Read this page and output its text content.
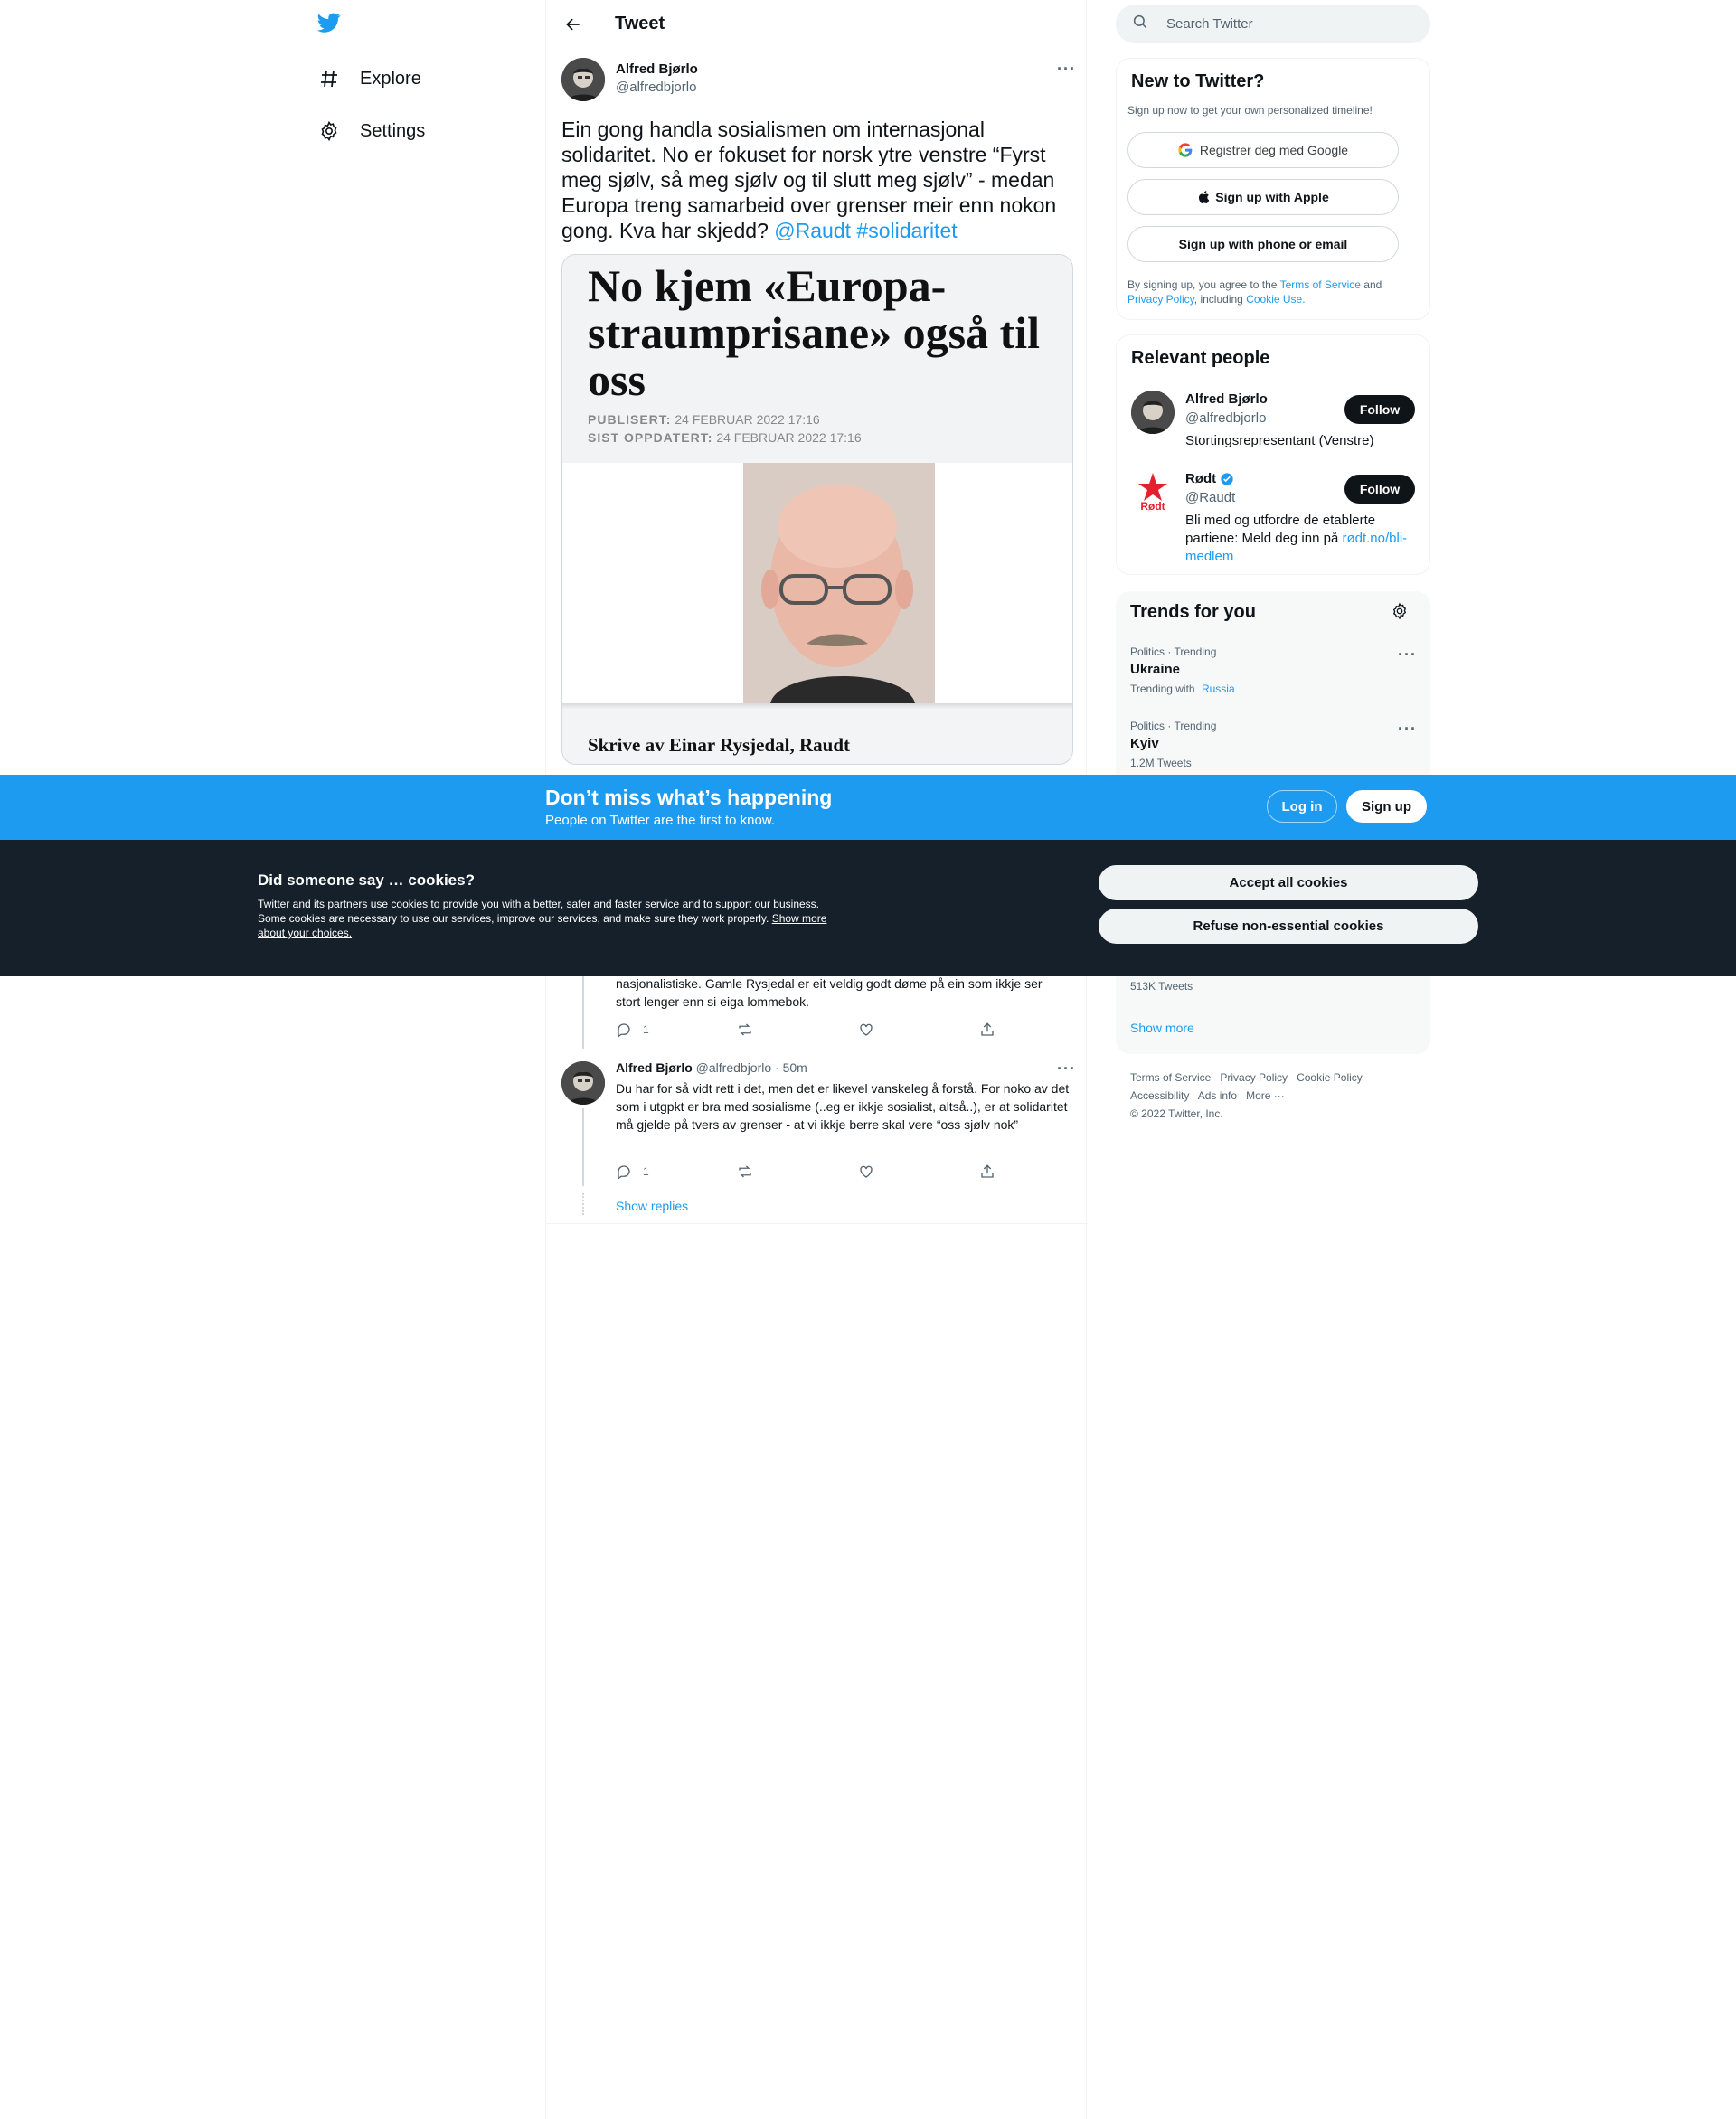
Explore
Settings
Tweet
Alfred Bjørlo
@alfredbjorlo
···
Ein gong handla sosialismen om internasjonal solidaritet. No er fokuset for norsk ytre venstre “Fyrst meg sjølv, så meg sjølv og til slutt meg sjølv” - medan Europa treng samarbeid over grenser meir enn nokon gong. Kva har skjedd? @Raudt #solidaritet
No kjem «Europa-straumprisane» også til oss
PUBLISERT: 24 FEBRUAR 2022 17:16
SIST OPPDATERT: 24 FEBRUAR 2022 17:16
Skrive av Einar Rysjedal, Raudt
nasjonalistiske. Gamle Rysjedal er eit veldig godt døme på ein som ikkje ser
stort lenger enn si eiga lommebok.
1
Alfred Bjørlo @alfredbjorlo · 50m	···
Du har for så vidt rett i det, men det er likevel vanskeleg å forstå. For noko av det som i utgpkt er bra med sosialisme (..eg er ikkje sosialist, altså..), er at solidaritet må gjelde på tvers av grenser - at vi ikkje berre skal vere “oss sjølv nok”
1
Show replies
Search Twitter
New to Twitter?
Sign up now to get your own personalized timeline!
Registrer deg med Google
Sign up with Apple
Sign up with phone or email
By signing up, you agree to the Terms of Service and Privacy Policy, including Cookie Use.
Relevant people
Alfred Bjørlo
@alfredbjorlo
Stortingsrepresentant (Venstre)
Follow
Rødt
Rødt
@Raudt
Bli med og utfordre de etablerte partiene: Meld deg inn på rødt.no/bli-medlem
Follow
Trends for you
Politics · Trending
Ukraine
Trending with Russia
···
Politics · Trending
Kyiv
1.2M Tweets
···
513K Tweets
Show more
Terms of Service Privacy Policy Cookie Policy
Accessibility Ads info More ···
© 2022 Twitter, Inc.
Don’t miss what’s happening
People on Twitter are the first to know.
Log in	Sign up
Did someone say … cookies?
Twitter and its partners use cookies to provide you with a better, safer and faster service and to support our business. Some cookies are necessary to use our services, improve our services, and make sure they work properly. Show more about your choices.
Accept all cookies
Refuse non-essential cookies
